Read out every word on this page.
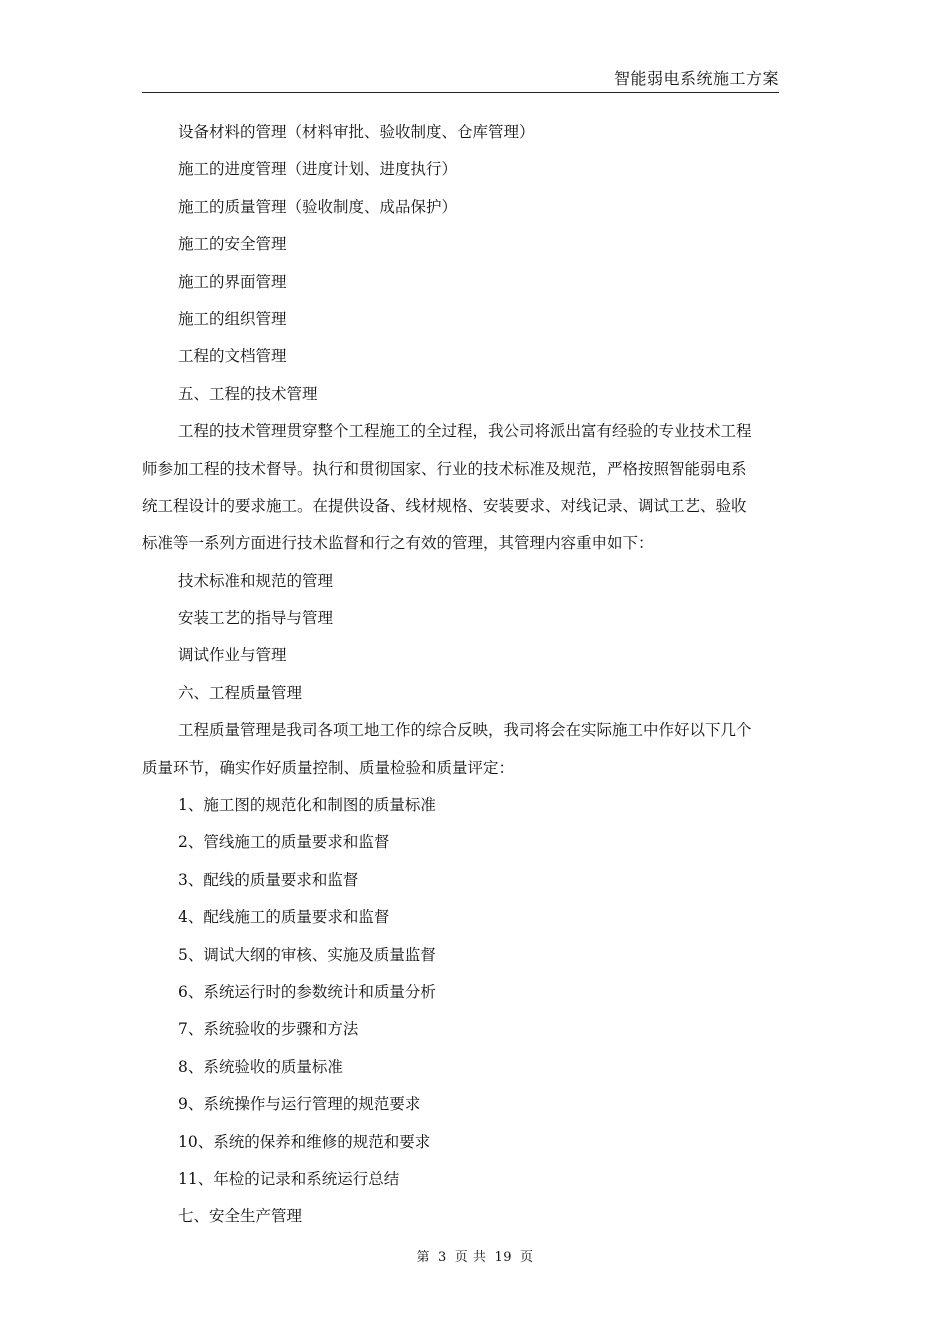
智能弱电系统施工方案
设备材料的管理（材料审批、验收制度、仓库管理）
施工的进度管理（进度计划、进度执行）
施工的质量管理（验收制度、成品保护）
施工的安全管理
施工的界面管理
施工的组织管理
工程的文档管理
五、工程的技术管理
工程的技术管理贯穿整个工程施工的全过程，我公司将派出富有经验的专业技术工程
师参加工程的技术督导。执行和贯彻国家、行业的技术标准及规范，严格按照智能弱电系
统工程设计的要求施工。在提供设备、线材规格、安装要求、对线记录、调试工艺、验收
标准等一系列方面进行技术监督和行之有效的管理，其管理内容重申如下：
技术标准和规范的管理
安装工艺的指导与管理
调试作业与管理
六、工程质量管理
工程质量管理是我司各项工地工作的综合反映，我司将会在实际施工中作好以下几个
质量环节，确实作好质量控制、质量检验和质量评定：
1、施工图的规范化和制图的质量标准
2、管线施工的质量要求和监督
3、配线的质量要求和监督
4、配线施工的质量要求和监督
5、调试大纲的审核、实施及质量监督
6、系统运行时的参数统计和质量分析
7、系统验收的步骤和方法
8、系统验收的质量标准
9、系统操作与运行管理的规范要求
10、系统的保养和维修的规范和要求
11、年检的记录和系统运行总结
七、安全生产管理
第 3 页 共 19 页
